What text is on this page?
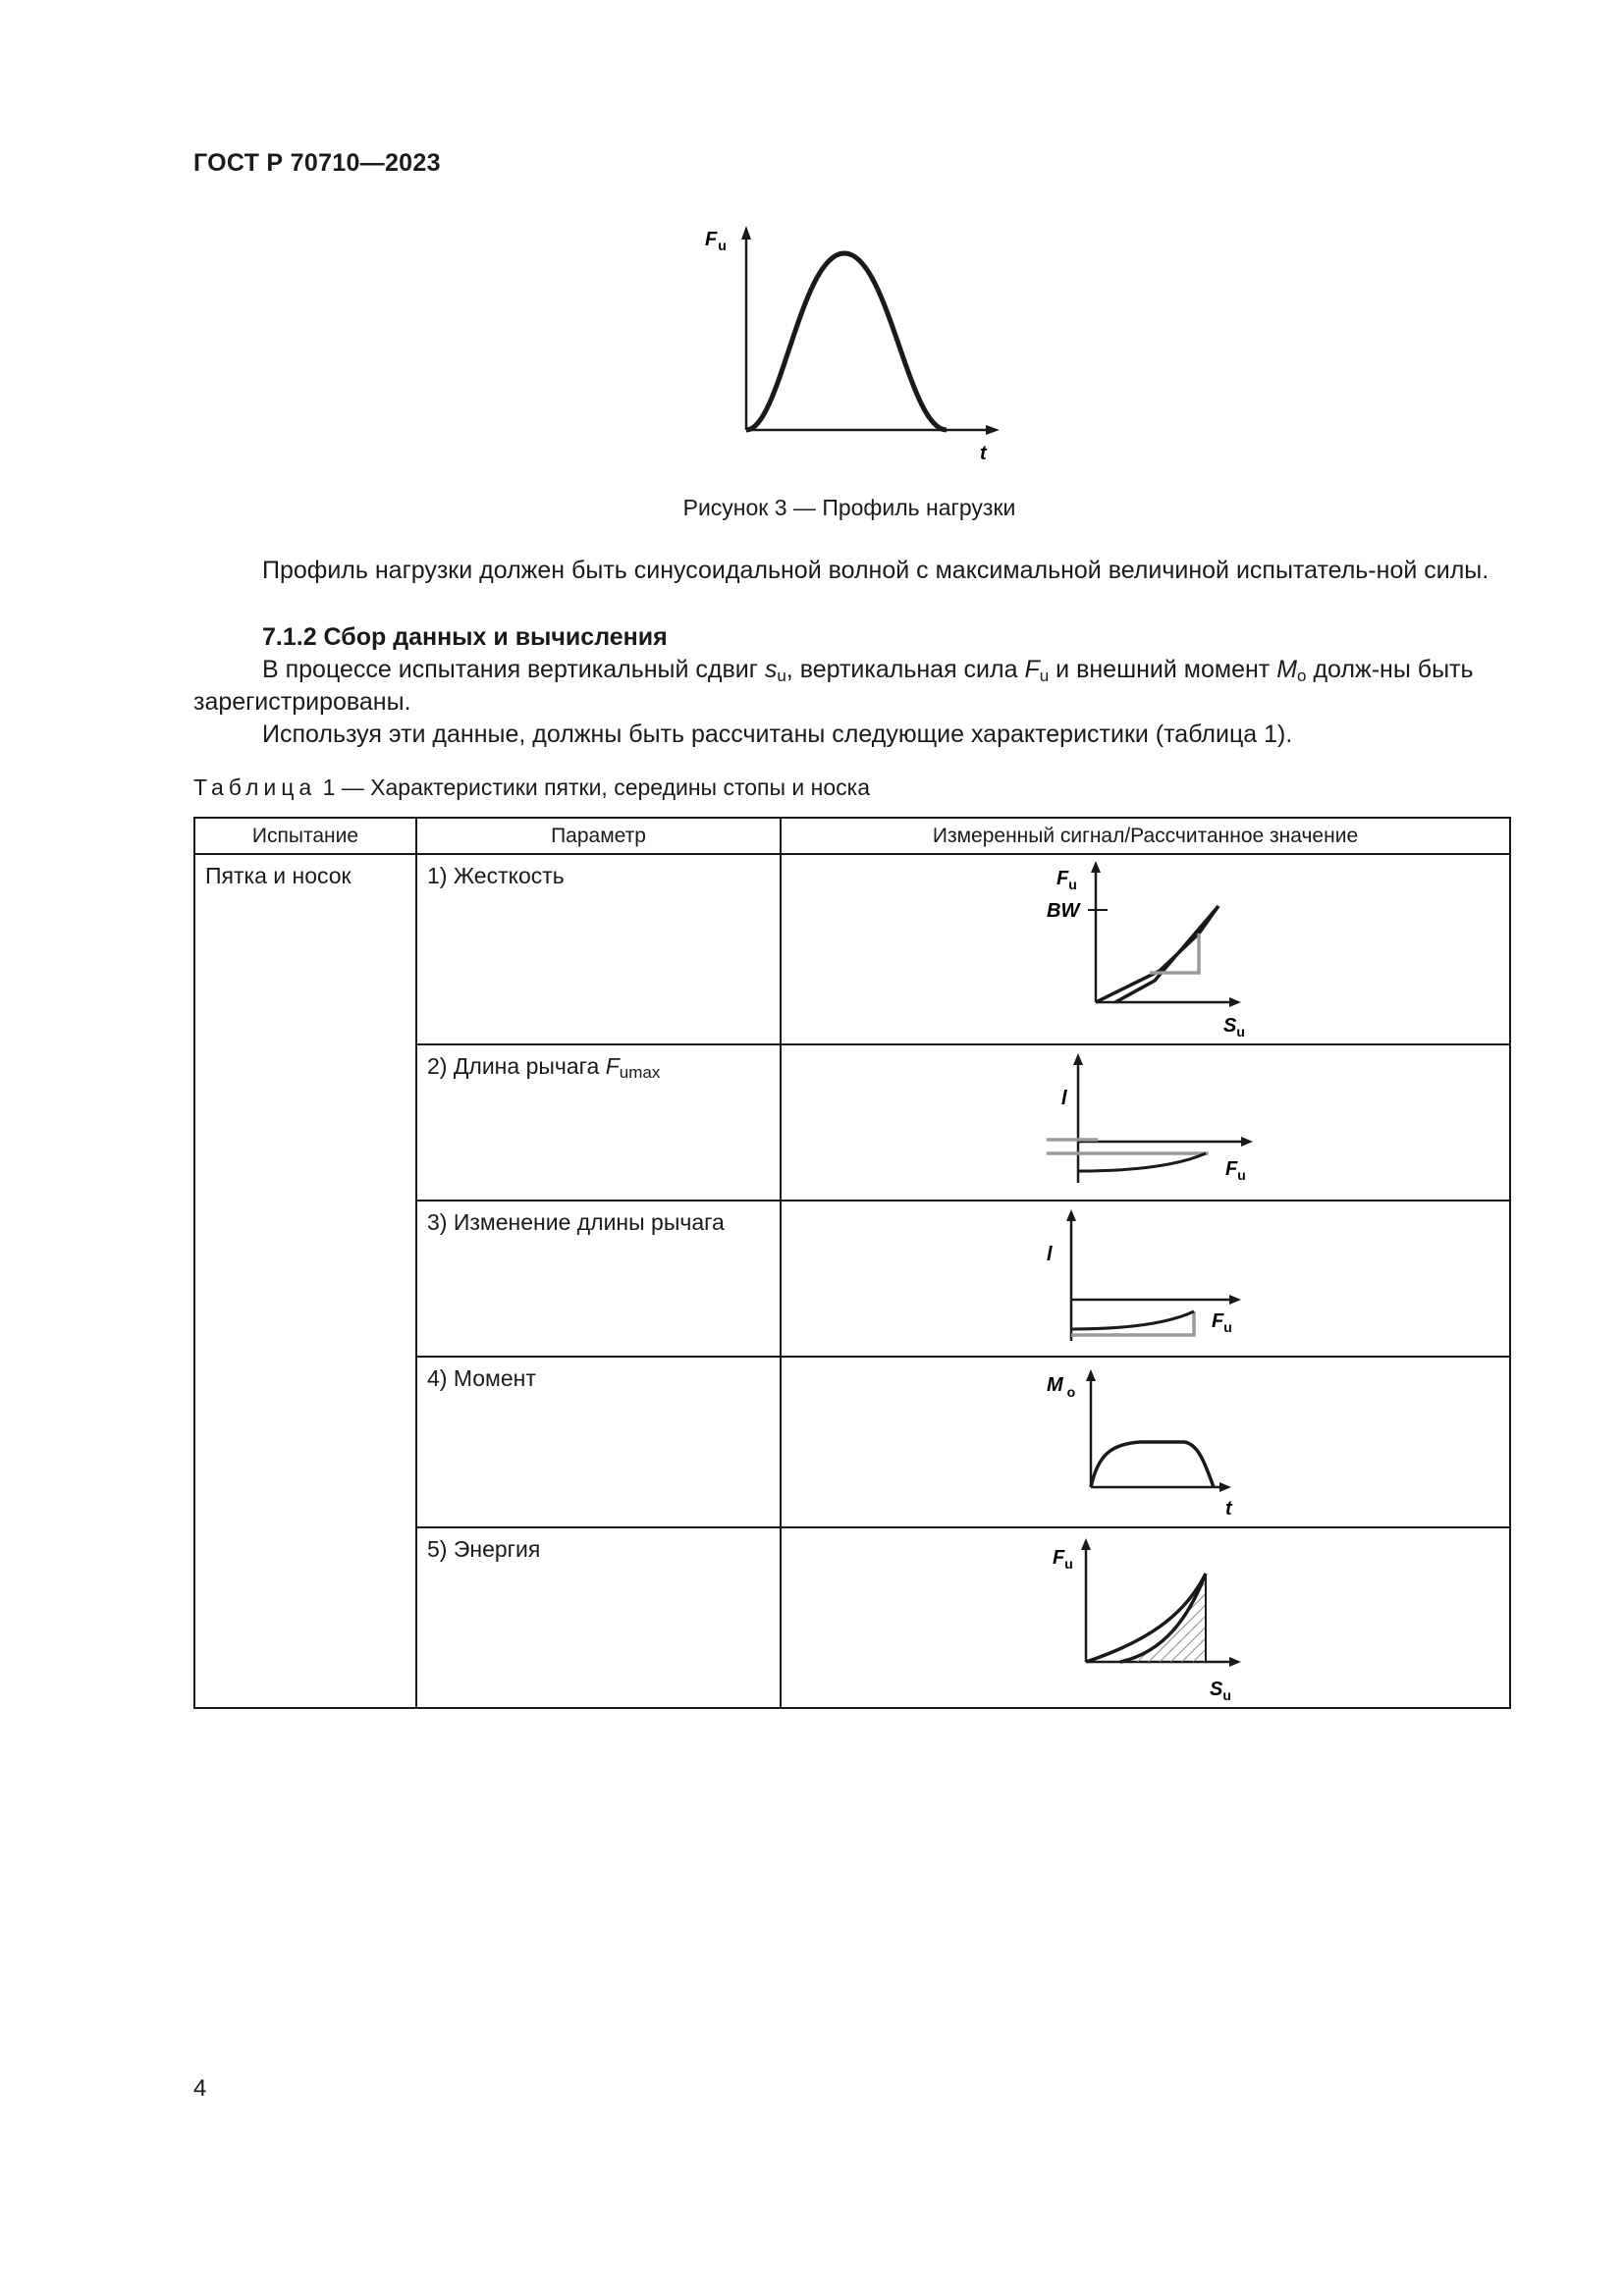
ГОСТ Р 70710—2023
$F_u$
t
Рисунок 3 — Профиль нагрузки
Профиль нагрузки должен быть синусоидальной волной с максимальной величиной испытатель-ной силы.
7.1.2 Сбор данных и вычисления
В процессе испытания вертикальный сдвиг $s_u$, вертикальная сила $F_u$ и внешний момент $M_o$ долж-ны быть зарегистрированы.
Используя эти данные, должны быть рассчитаны следующие характеристики (таблица 1).
Таблица 1 — Характеристики пятки, середины стопы и носка
Испытание	Параметр	Измеренный сигнал/Рассчитанное значение
Пятка и носок	1) Жесткость	$F_u$
BW
$S_u$

	2) Длина рычага $F_{umax}$	l
$F_u$

	3) Изменение длины рычага	l
$F_u$

	4) Момент	M $_o$
t

	5) Энергия	$F_u$
$S_u$
4
